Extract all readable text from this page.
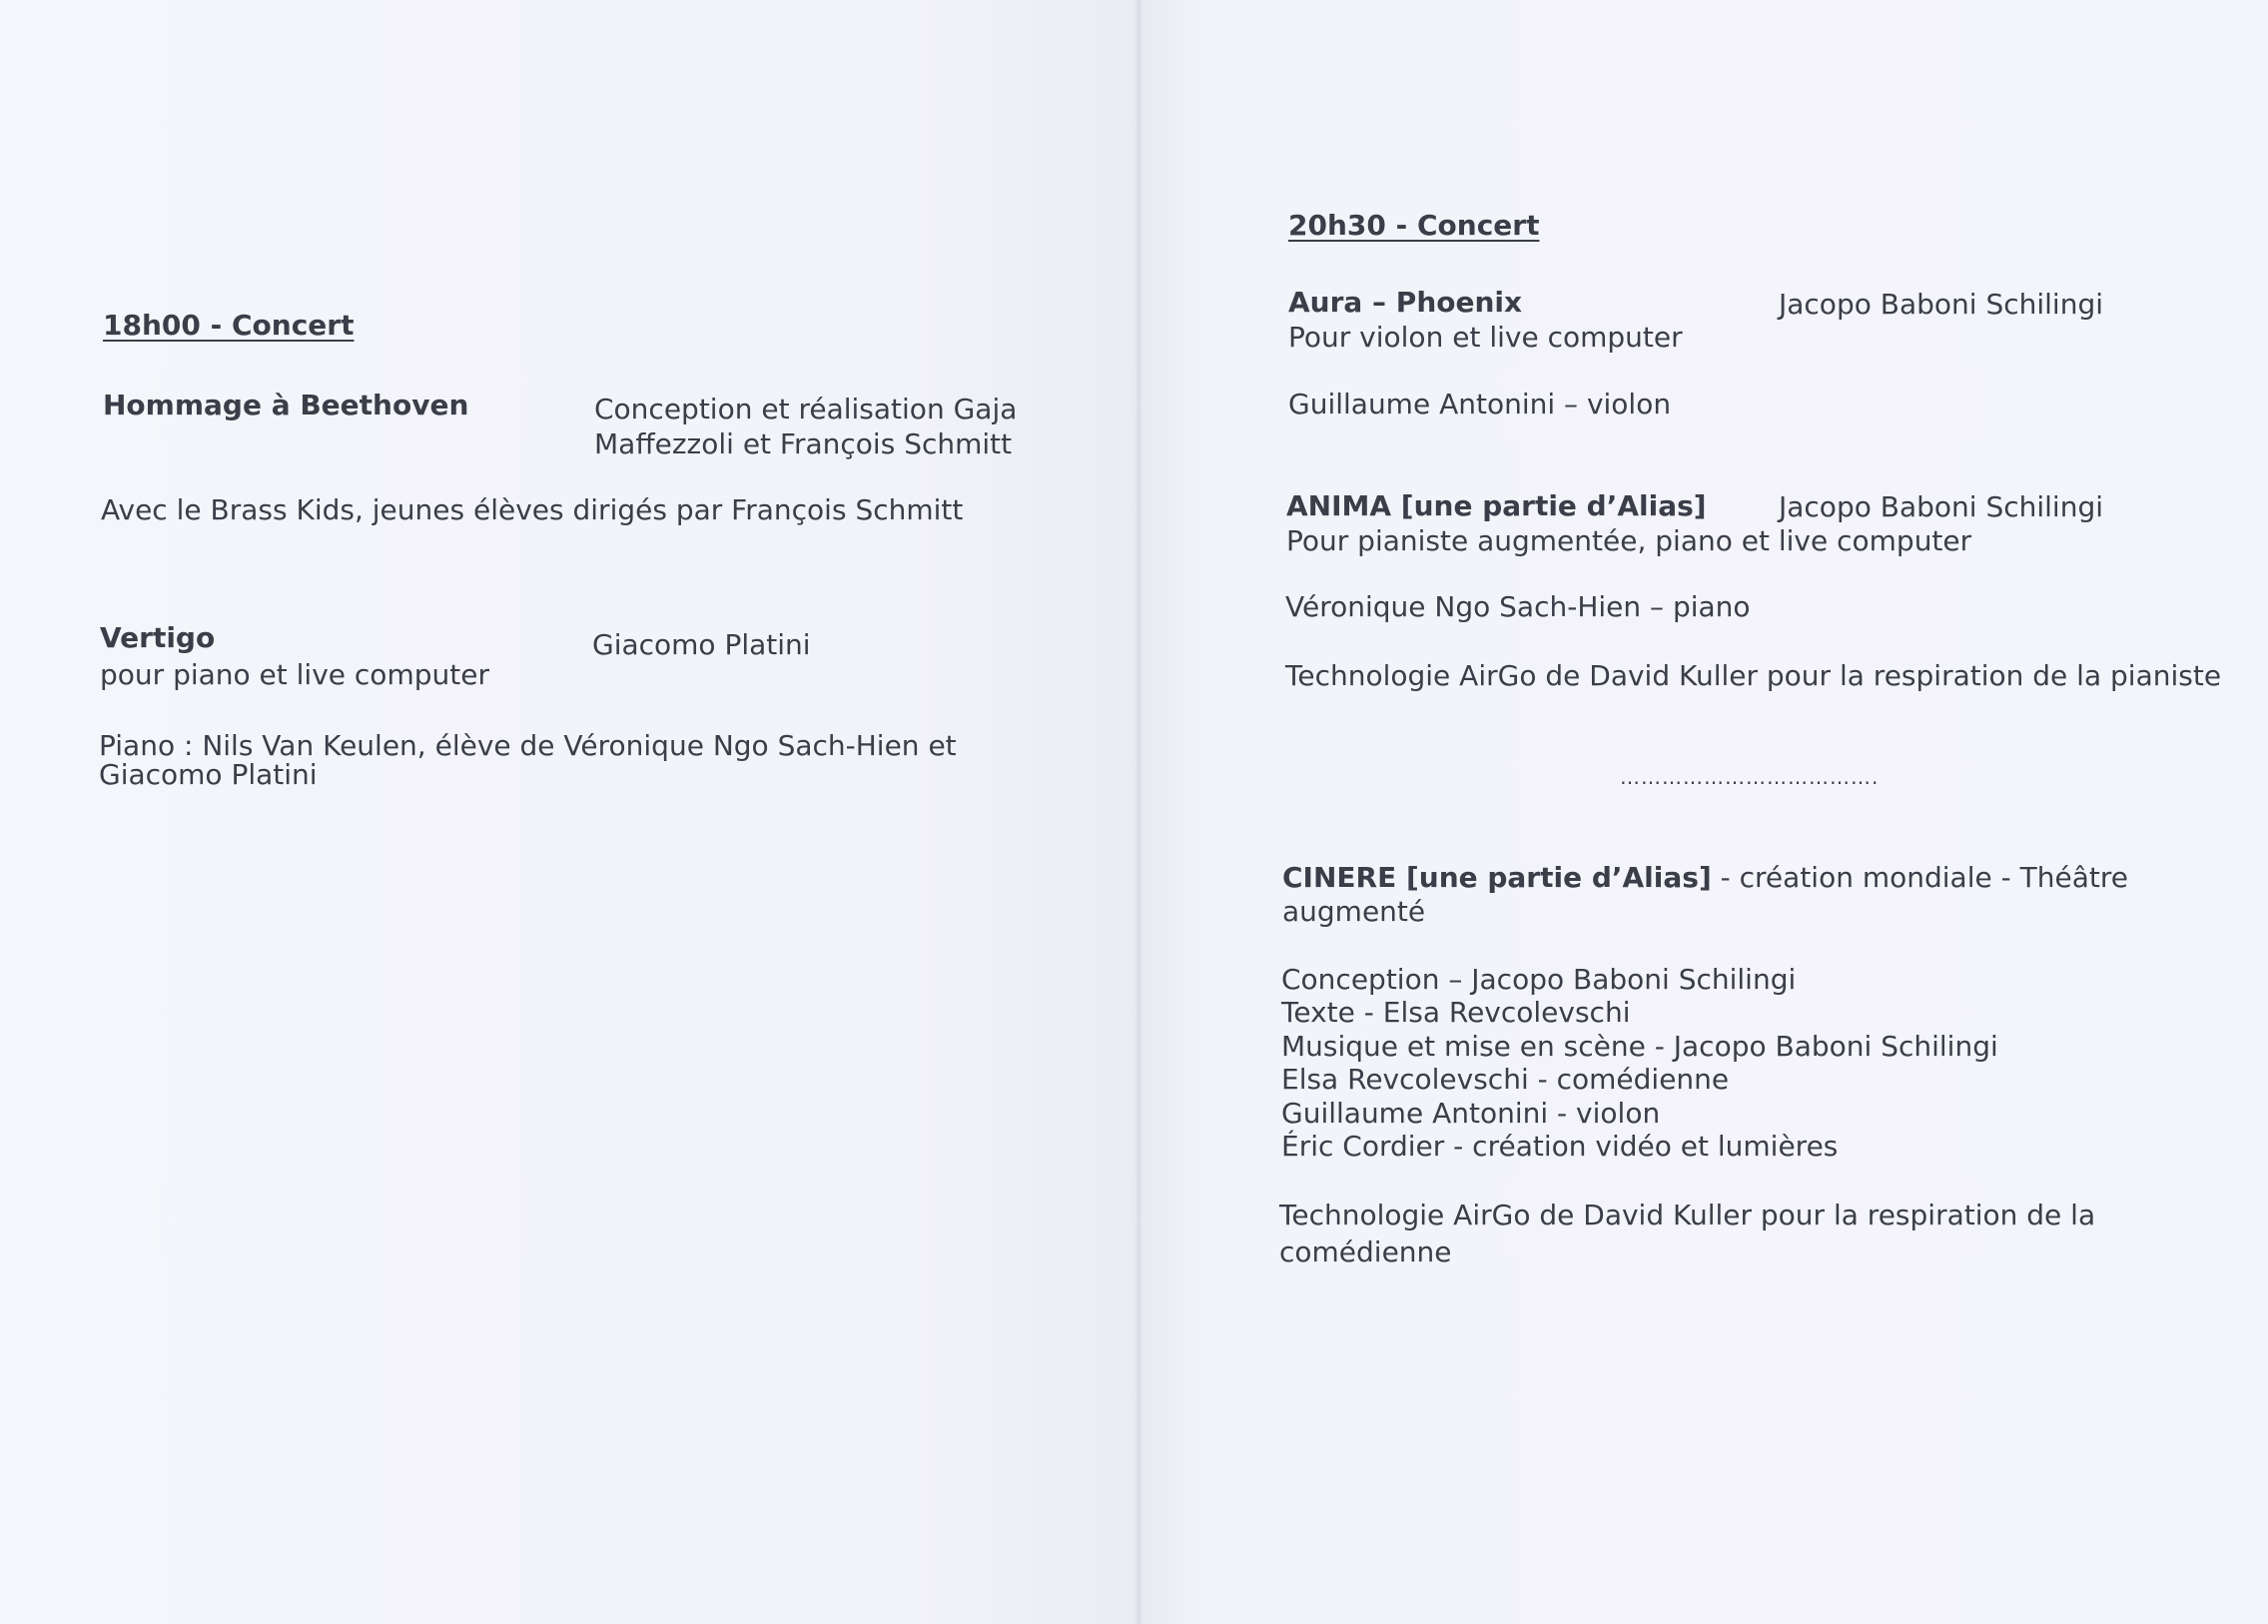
18h00 - Concert
Hommage à Beethoven	Conception et réalisation Gaja
Maffezzoli et François Schmitt
Avec le Brass Kids, jeunes élèves dirigés par François Schmitt
Vertigo	Giacomo Platini
pour piano et live computer
Piano : Nils Van Keulen, élève de Véronique Ngo Sach-Hien et
Giacomo Platini
20h30 - Concert
Aura – Phoenix	Jacopo Baboni Schilingi
Pour violon et live computer
Guillaume Antonini – violon
ANIMA [une partie d’Alias]	Jacopo Baboni Schilingi
Pour pianiste augmentée, piano et live computer
Véronique Ngo Sach-Hien – piano
Technologie AirGo de David Kuller pour la respiration de la pianiste
……………………………….
CINERE [une partie d’Alias] - création mondiale - Théâtre
augmenté
Conception – Jacopo Baboni Schilingi
Texte - Elsa Revcolevschi
Musique et mise en scène - Jacopo Baboni Schilingi
Elsa Revcolevschi - comédienne
Guillaume Antonini - violon
Éric Cordier - création vidéo et lumières
Technologie AirGo de David Kuller pour la respiration de la
comédienne
